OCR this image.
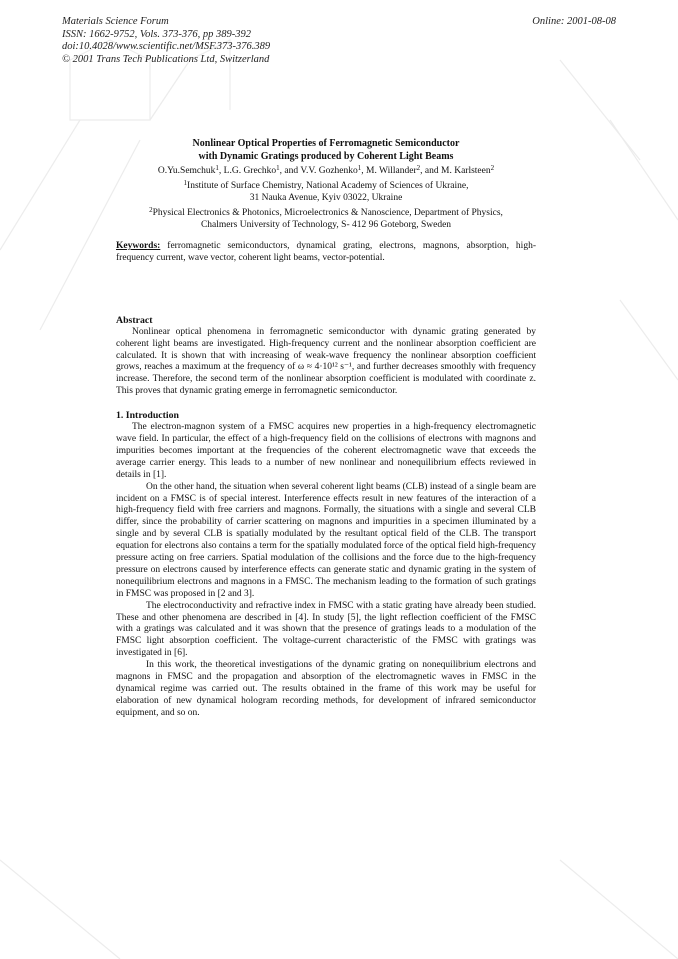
Materials Science Forum
ISSN: 1662-9752, Vols. 373-376, pp 389-392
doi:10.4028/www.scientific.net/MSF.373-376.389
© 2001 Trans Tech Publications Ltd, Switzerland
Online: 2001-08-08

Nonlinear Optical Properties of Ferromagnetic Semiconductor

with Dynamic Gratings produced by Coherent Light Beams

O.Yu.Semchuk$^1$, L.G. Grechko$^1$, and V.V. Gozhenko$^1$, M. Willander$^2$, and M. Karlsteen$^2$

$^1$Institute of Surface Chemistry, National Academy of Sciences of Ukraine,
31 Nauka Avenue, Kyiv 03022, Ukraine

$^2$Physical Electronics & Photonics, Microelectronics & Nanoscience, Department of Physics,
Chalmers University of Technology, S- 412 96 Goteborg, Sweden

Keywords: ferromagnetic semiconductors, dynamical grating, electrons, magnons, absorption, high-frequency current, wave vector, coherent light beams, vector-potential.

Abstract

Nonlinear optical phenomena in ferromagnetic semiconductor with dynamic grating generated by coherent light beams are investigated. High-frequency current and the nonlinear absorption coefficient are calculated. It is shown that with increasing of weak-wave frequency the nonlinear absorption coefficient grows, reaches a maximum at the frequency of ω ≈ 4·10¹² s⁻¹, and further decreases smoothly with frequency increase. Therefore, the second term of the nonlinear absorption coefficient is modulated with coordinate z. This proves that dynamic grating emerge in ferromagnetic semiconductor.

1. Introduction

The electron-magnon system of a FMSC acquires new properties in a high-frequency electromagnetic wave field. In particular, the effect of a high-frequency field on the collisions of electrons with magnons and impurities becomes important at the frequencies of the coherent electromagnetic wave that exceeds the average carrier energy. This leads to a number of new nonlinear and nonequilibrium effects reviewed in details in [1].

On the other hand, the situation when several coherent light beams (CLB) instead of a single beam are incident on a FMSC is of special interest. Interference effects result in new features of the interaction of a high-frequency field with free carriers and magnons. Formally, the situations with a single and several CLB differ, since the probability of carrier scattering on magnons and impurities in a specimen illuminated by a single and by several CLB is spatially modulated by the resultant optical field of the CLB. The transport equation for electrons also contains a term for the spatially modulated force of the optical field high-frequency pressure acting on free carriers. Spatial modulation of the collisions and the force due to the high-frequency pressure on electrons caused by interference effects can generate static and dynamic grating in the system of nonequilibrium electrons and magnons in a FMSC. The mechanism leading to the formation of such gratings in FMSC was proposed in [2 and 3].

The electroconductivity and refractive index in FMSC with a static grating have already been studied. These and other phenomena are described in [4]. In study [5], the light reflection coefficient of the FMSC with a gratings was calculated and it was shown that the presence of gratings leads to a modulation of the FMSC light absorption coefficient. The voltage-current characteristic of the FMSC with gratings was investigated in [6].

In this work, the theoretical investigations of the dynamic grating on nonequilibrium electrons and magnons in FMSC and the propagation and absorption of the electromagnetic waves in FMSC in the dynamical regime was carried out. The results obtained in the frame of this work may be useful for elaboration of new dynamical hologram recording methods, for development of infrared semiconductor equipment, and so on.
